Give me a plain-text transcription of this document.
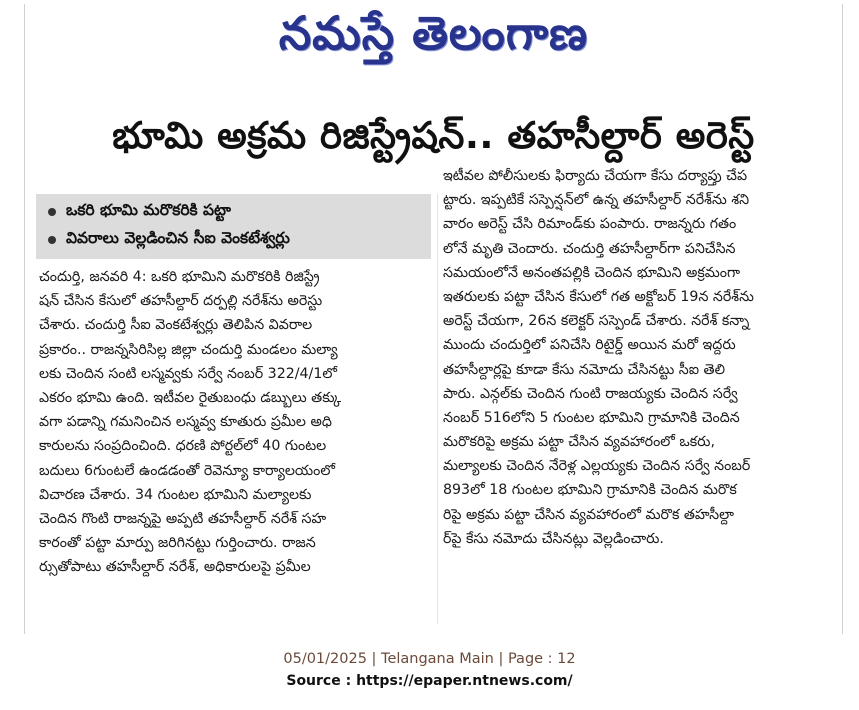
నమస్తే తెలంగాణ
భూమి అక్రమ రిజిస్ట్రేషన్.. తహసీల్దార్ అరెస్ట్
ఒకరి భూమి మరొకరికి పట్టా
వివరాలు వెల్లడించిన సీఐ వెంకటేశ్వర్లు
చందుర్తి, జనవరి 4: ఒకరి భూమిని మరొకరికి రిజిస్ట్రే
షన్ చేసిన కేసులో తహసీల్దార్ దర్పల్లి నరేశ్‌ను అరెస్టు
చేశారు. చందుర్తి సీఐ వెంకటేశ్వర్లు తెలిపిన వివరాల
ప్రకారం.. రాజన్నసిరిసిల్ల జిల్లా చందుర్తి మండలం మల్యా
లకు చెందిన సంటి లస్మవ్వకు సర్వే నంబర్ 322/4/1లో
ఎకరం భూమి ఉంది. ఇటీవల రైతుబంధు డబ్బులు తక్కు
వగా పడాన్ని గమనించిన లస్మవ్వ కూతురు ప్రమీల అధి
కారులను సంప్రదించింది. ధరణి పోర్టల్‌లో 40 గుంటల
బదులు 6గుంటలే ఉండడంతో రెవెన్యూ కార్యాలయంలో
విచారణ చేశారు. 34 గుంటల భూమిని మల్యాలకు
చెందిన గొంటి రాజన్నపై అప్పటి తహసీల్దార్ నరేశ్ సహ
కారంతో పట్టా మార్పు జరిగినట్టు గుర్తించారు. రాజన
ర్సుతోపాటు తహసీల్దార్ నరేశ్, అధికారులపై ప్రమీల
ఇటీవల పోలీసులకు ఫిర్యాదు చేయగా కేసు దర్యాప్తు చేప
ట్టారు. ఇప్పటికే సస్పెన్షన్‌లో ఉన్న తహసీల్దార్ నరేశ్‌ను శని
వారం అరెస్ట్ చేసి రిమాండ్‌కు పంపారు. రాజన్నరు గతం
లోనే మృతి చెందారు. చందుర్తి తహసీల్దార్‌గా పనిచేసిన
సమయంలోనే అనంతపల్లికి చెందిన భూమిని అక్రమంగా
ఇతరులకు పట్టా చేసిన కేసులో గత అక్టోబర్ 19న నరేశ్‌ను
అరెస్ట్ చేయగా, 26న కలెక్టర్ సస్పెండ్ చేశారు. నరేశ్ కన్నా
ముందు చందుర్తిలో పనిచేసి రిటైర్డ్ అయిన మరో ఇద్దరు
తహసీల్దార్లపై కూడా కేసు నమోదు చేసినట్టు సీఐ తెలి
పారు. ఎన్గల్‌కు చెందిన గుంటి రాజయ్యకు చెందిన సర్వే
నంబర్ 516లోని 5 గుంటల భూమిని గ్రామానికి చెందిన
మరొకరిపై అక్రమ పట్టా చేసిన వ్యవహారంలో ఒకరు,
మల్యాలకు చెందిన నేరెళ్ల ఎల్లయ్యకు చెందిన సర్వే నంబర్
893లో 18 గుంటల భూమిని గ్రామానికి చెందిన మరొక
రిపై అక్రమ పట్టా చేసిన వ్యవహారంలో మరొక తహసీల్దా
ర్‌పై కేసు నమోదు చేసినట్లు వెల్లడించారు.
05/01/2025 | Telangana Main | Page : 12
Source : https://epaper.ntnews.com/
